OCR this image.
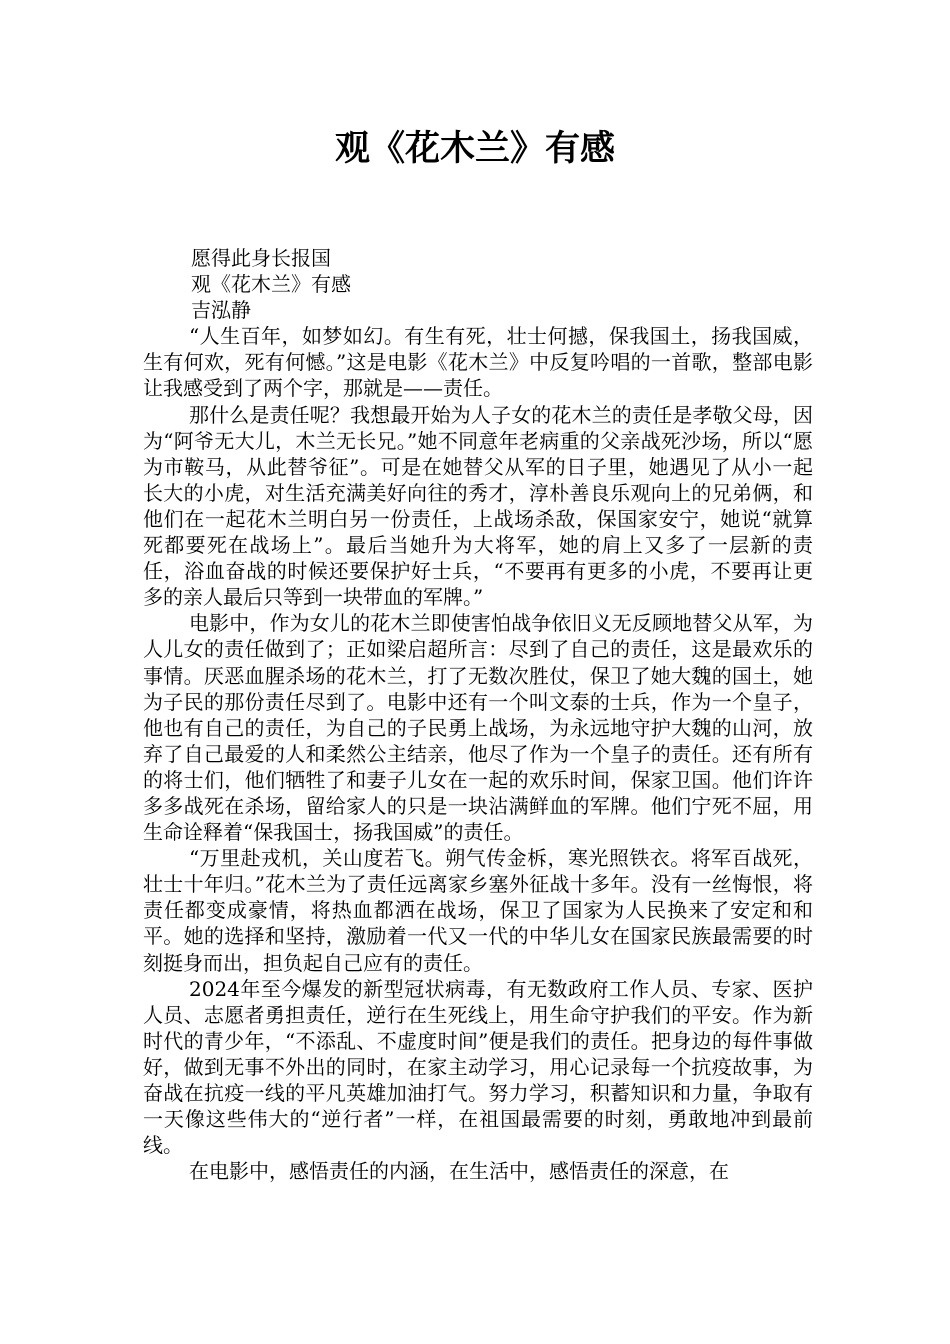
观《花木兰》有感

愿得此身长报国

观《花木兰》有感

吉泓静

“人生百年，如梦如幻。有生有死，壮士何撼，保我国土，扬我国威，生有何欢，死有何憾。”这是电影《花木兰》中反复吟唱的一首歌，整部电影让我感受到了两个字，那就是——责任。

那什么是责任呢？我想最开始为人子女的花木兰的责任是孝敬父母，因为“阿爷无大儿，木兰无长兄。”她不同意年老病重的父亲战死沙场，所以“愿为市鞍马，从此替爷征”。可是在她替父从军的日子里，她遇见了从小一起长大的小虎，对生活充满美好向往的秀才，淳朴善良乐观向上的兄弟俩，和他们在一起花木兰明白另一份责任，上战场杀敌，保国家安宁，她说“就算死都要死在战场上”。最后当她升为大将军，她的肩上又多了一层新的责任，浴血奋战的时候还要保护好士兵，“不要再有更多的小虎，不要再让更多的亲人最后只等到一块带血的军牌。”

电影中，作为女儿的花木兰即使害怕战争依旧义无反顾地替父从军，为人儿女的责任做到了；正如梁启超所言：尽到了自己的责任，这是最欢乐的事情。厌恶血腥杀场的花木兰，打了无数次胜仗，保卫了她大魏的国土，她为子民的那份责任尽到了。电影中还有一个叫文泰的士兵，作为一个皇子，他也有自己的责任，为自己的子民勇上战场，为永远地守护大魏的山河，放弃了自己最爱的人和柔然公主结亲，他尽了作为一个皇子的责任。还有所有的将士们，他们牺牲了和妻子儿女在一起的欢乐时间，保家卫国。他们许许多多战死在杀场，留给家人的只是一块沾满鲜血的军牌。他们宁死不屈，用生命诠释着“保我国士，扬我国威”的责任。

“万里赴戎机，关山度若飞。朔气传金柝，寒光照铁衣。将军百战死，壮士十年归。”花木兰为了责任远离家乡塞外征战十多年。没有一丝悔恨，将责任都变成豪情，将热血都洒在战场，保卫了国家为人民换来了安定和和平。她的选择和坚持，激励着一代又一代的中华儿女在国家民族最需要的时刻挺身而出，担负起自己应有的责任。

2024年至今爆发的新型冠状病毒，有无数政府工作人员、专家、医护人员、志愿者勇担责任，逆行在生死线上，用生命守护我们的平安。作为新时代的青少年，“不添乱、不虚度时间”便是我们的责任。把身边的每件事做好，做到无事不外出的同时，在家主动学习，用心记录每一个抗疫故事，为奋战在抗疫一线的平凡英雄加油打气。努力学习，积蓄知识和力量，争取有一天像这些伟大的“逆行者”一样，在祖国最需要的时刻，勇敢地冲到最前线。

在电影中，感悟责任的内涵，在生活中，感悟责任的深意，在
